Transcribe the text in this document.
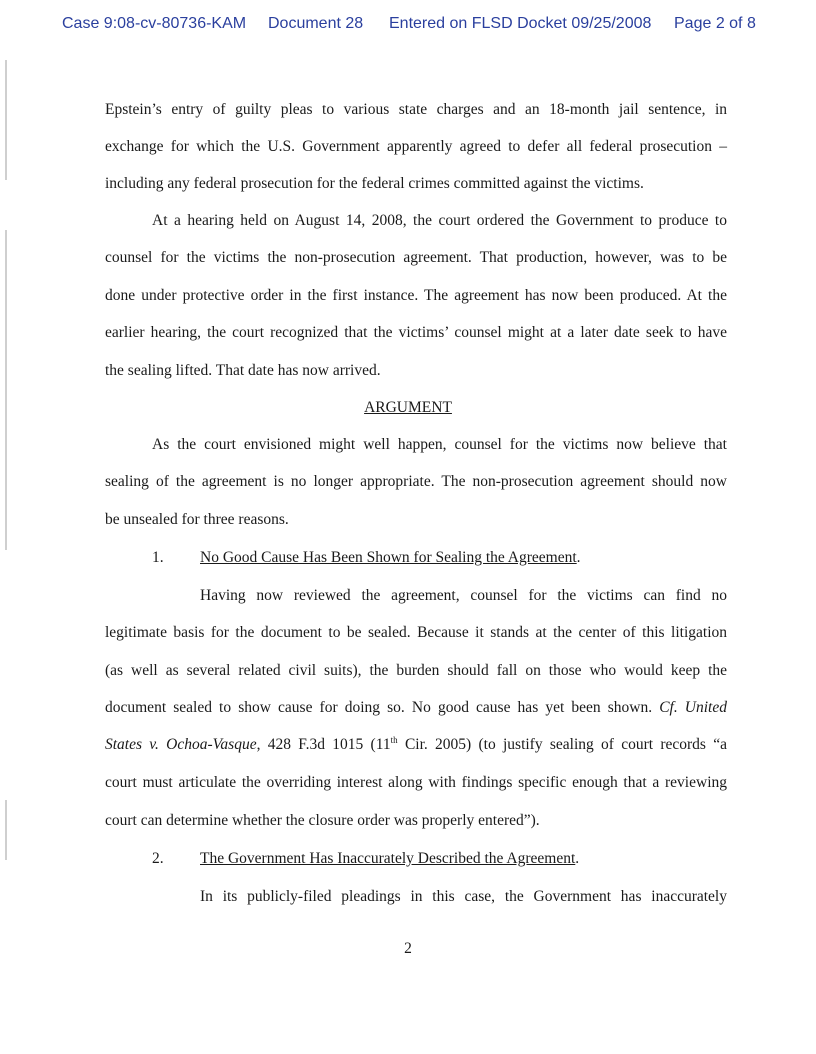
Case 9:08-cv-80736-KAM Document 28 Entered on FLSD Docket 09/25/2008 Page 2 of 8
Epstein’s entry of guilty pleas to various state charges and an 18-month jail sentence, in
exchange for which the U.S. Government apparently agreed to defer all federal prosecution –
including any federal prosecution for the federal crimes committed against the victims.
At a hearing held on August 14, 2008, the court ordered the Government to produce to
counsel for the victims the non-prosecution agreement. That production, however, was to be
done under protective order in the first instance. The agreement has now been produced. At the
earlier hearing, the court recognized that the victims’ counsel might at a later date seek to have
the sealing lifted. That date has now arrived.
ARGUMENT
As the court envisioned might well happen, counsel for the victims now believe that
sealing of the agreement is no longer appropriate. The non-prosecution agreement should now
be unsealed for three reasons.
1.	No Good Cause Has Been Shown for Sealing the Agreement.
Having now reviewed the agreement, counsel for the victims can find no
legitimate basis for the document to be sealed. Because it stands at the center of this litigation
(as well as several related civil suits), the burden should fall on those who would keep the
document sealed to show cause for doing so. No good cause has yet been shown. Cf. United
States v. Ochoa-Vasque, 428 F.3d 1015 (11th Cir. 2005) (to justify sealing of court records “a
court must articulate the overriding interest along with findings specific enough that a reviewing
court can determine whether the closure order was properly entered”).
2.	The Government Has Inaccurately Described the Agreement.
In its publicly-filed pleadings in this case, the Government has inaccurately
2
